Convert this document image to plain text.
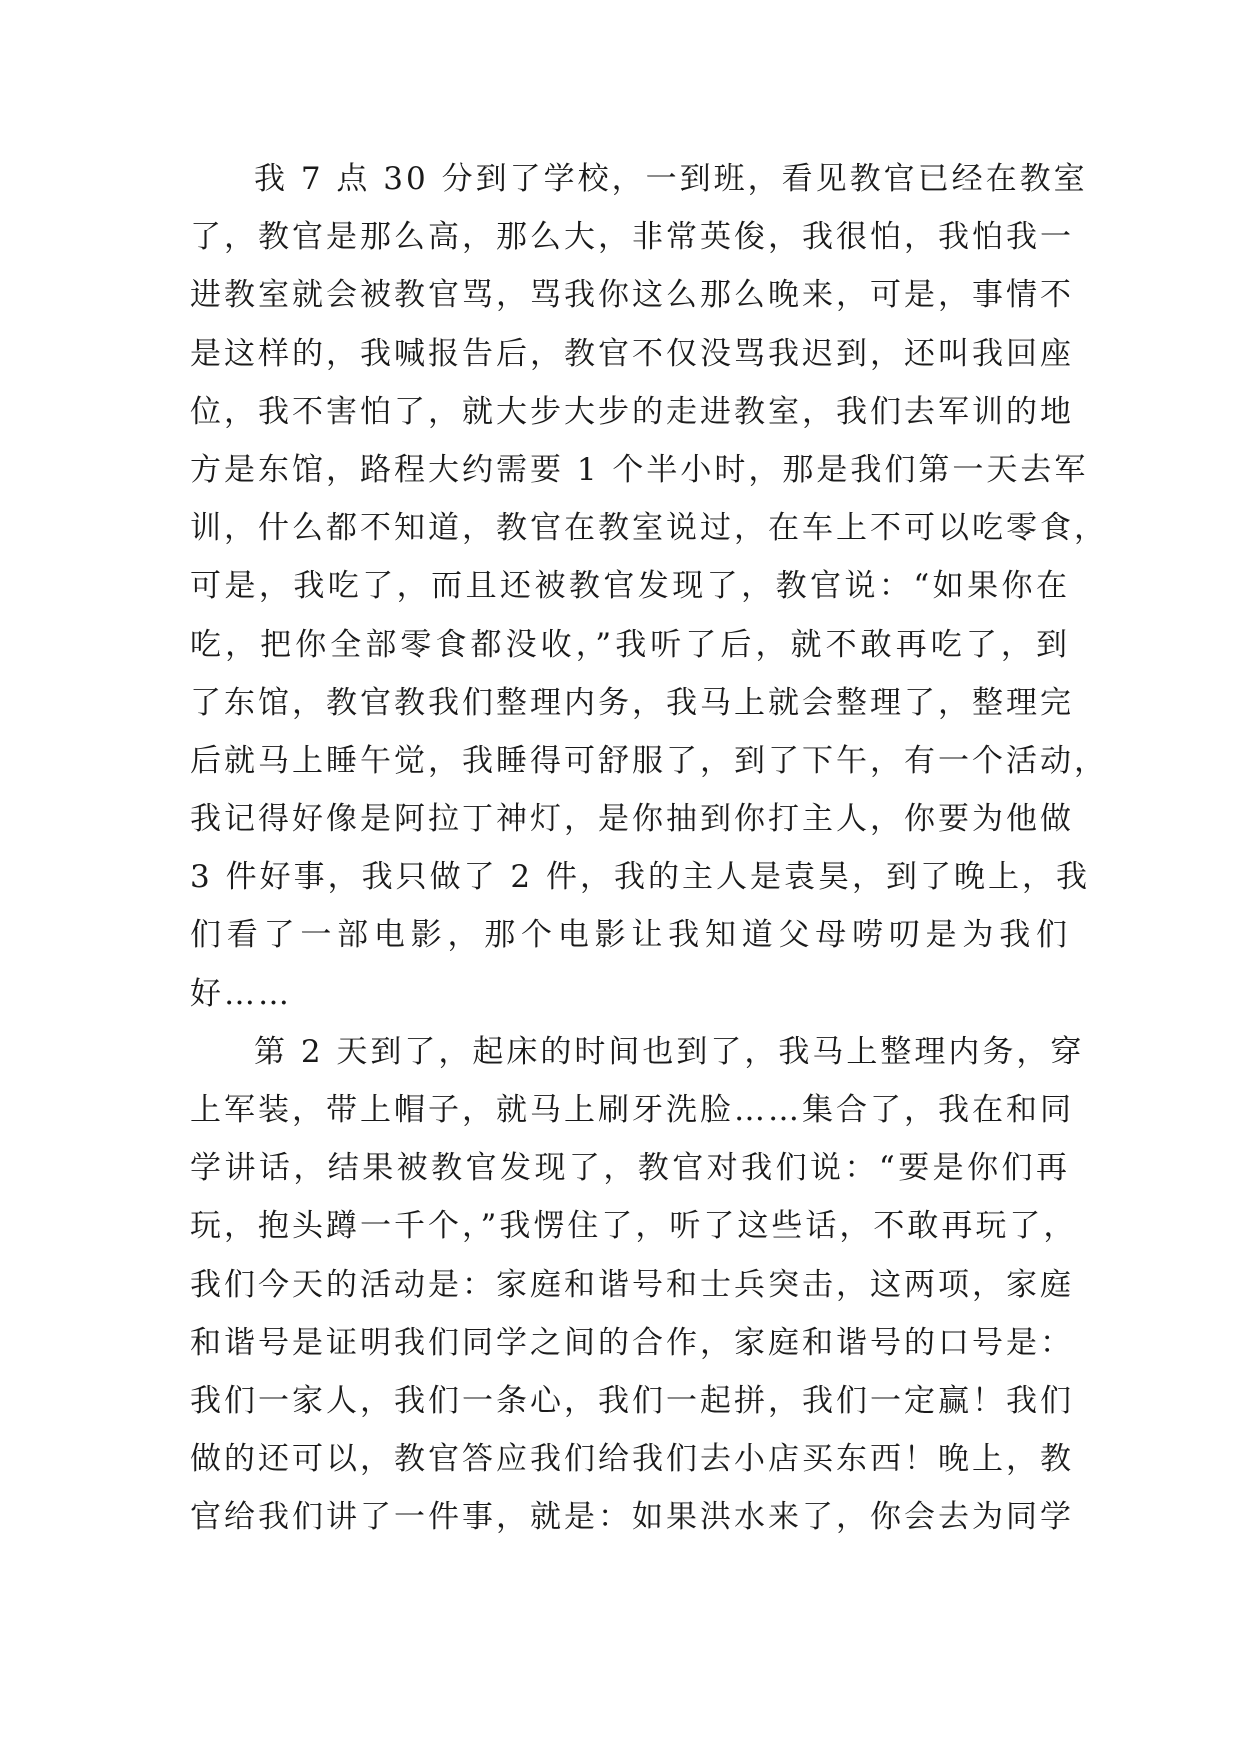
我 7 点 30 分到了学校，一到班，看见教官已经在教室
了，教官是那么高，那么大，非常英俊，我很怕，我怕我一
进教室就会被教官骂，骂我你这么那么晚来，可是，事情不
是这样的，我喊报告后，教官不仅没骂我迟到，还叫我回座
位，我不害怕了，就大步大步的走进教室，我们去军训的地
方是东馆，路程大约需要 1 个半小时，那是我们第一天去军
训，什么都不知道，教官在教室说过，在车上不可以吃零食，
可是，我吃了，而且还被教官发现了，教官说：“如果你在
吃，把你全部零食都没收，”我听了后，就不敢再吃了，到
了东馆，教官教我们整理内务，我马上就会整理了，整理完
后就马上睡午觉，我睡得可舒服了，到了下午，有一个活动，
我记得好像是阿拉丁神灯，是你抽到你打主人，你要为他做
3 件好事，我只做了 2 件，我的主人是袁昊，到了晚上，我
们看了一部电影，那个电影让我知道父母唠叨是为我们
好……
第 2 天到了，起床的时间也到了，我马上整理内务，穿
上军装，带上帽子，就马上刷牙洗脸……集合了，我在和同
学讲话，结果被教官发现了，教官对我们说：“要是你们再
玩，抱头蹲一千个，”我愣住了，听了这些话，不敢再玩了，
我们今天的活动是：家庭和谐号和士兵突击，这两项，家庭
和谐号是证明我们同学之间的合作，家庭和谐号的口号是：
我们一家人，我们一条心，我们一起拼，我们一定赢！我们
做的还可以，教官答应我们给我们去小店买东西！晚上，教
官给我们讲了一件事，就是：如果洪水来了，你会去为同学
